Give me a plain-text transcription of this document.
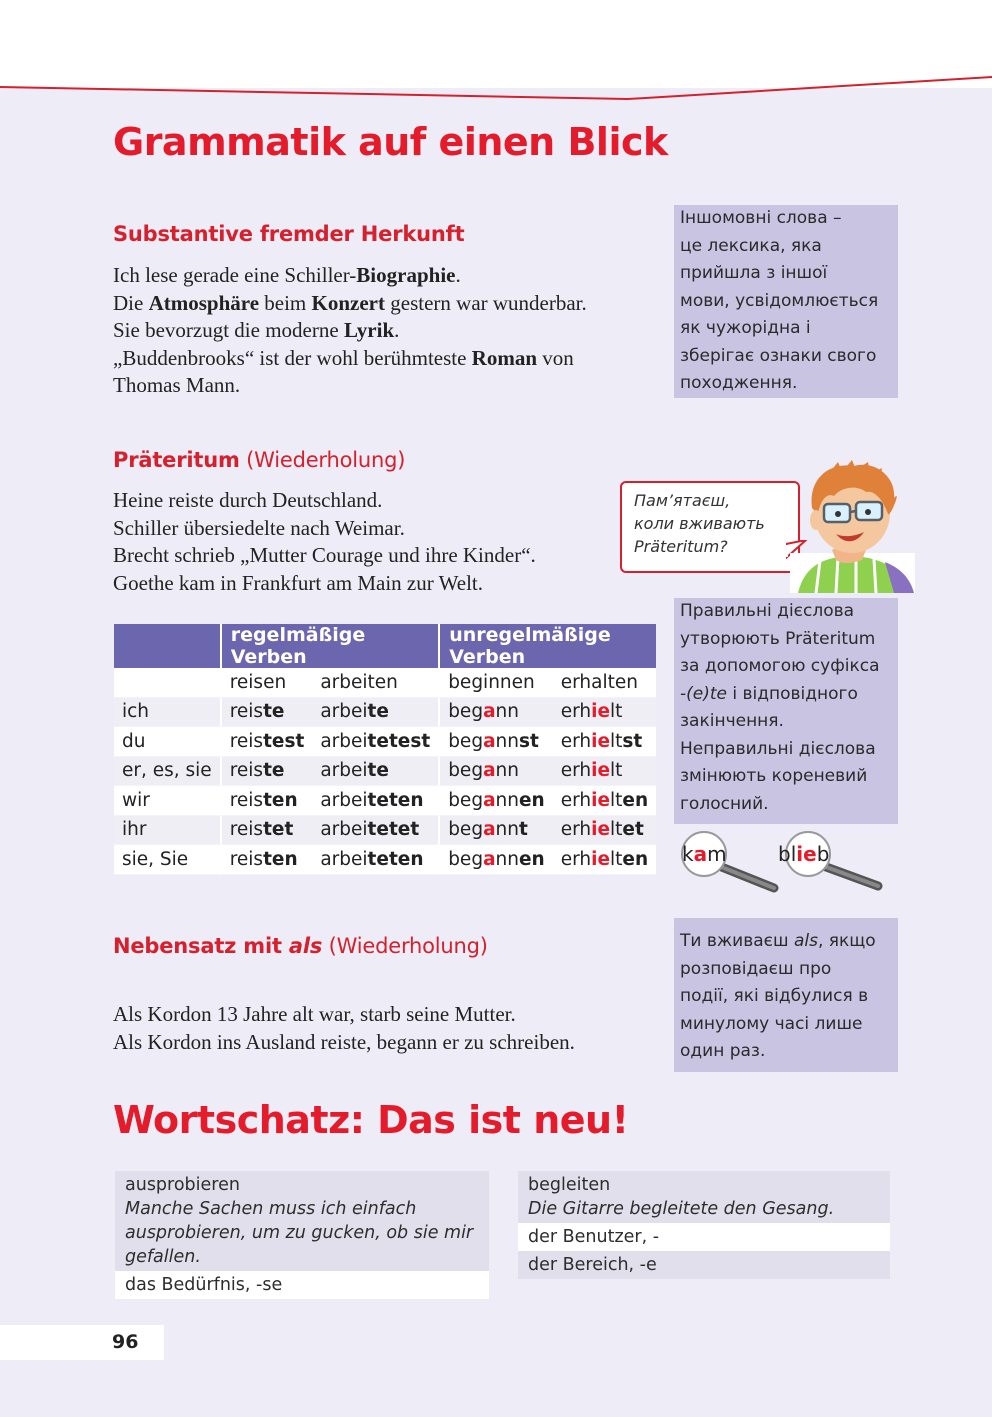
Grammatik auf einen Blick
Substantive fremder Herkunft
Ich lese gerade eine Schiller-Biographie.
Die Atmosphäre beim Konzert gestern war wunderbar.
Sie bevorzugt die moderne Lyrik.
„Buddenbrooks“ ist der wohl berühmteste Roman von
Thomas Mann.
Іншомовні слова –
це лексика, яка
прийшла з іншої
мови, усвідомлюється
як чужорідна і
зберігає ознаки свого
походження.
Präteritum (Wiederholung)
Heine reiste durch Deutschland.
Schiller übersiedelte nach Weimar.
Brecht schrieb „Mutter Courage und ihre Kinder“.
Goethe kam in Frankfurt am Main zur Welt.
Пам’ятаєш,
коли вживають
Präteritum?
	regelmäßige Verben		unregelmäßige Verben	
	reisen	arbeiten	beginnen	erhalten
ich	reiste	arbeite	begann	erhielt
du	reistest	arbeitetest	begannst	erhieltst
er, es, sie	reiste	arbeite	begann	erhielt
wir	reisten	arbeiteten	begannen	erhielten
ihr	reistet	arbeitetet	begannt	erhieltet
sie, Sie	reisten	arbeiteten	begannen	erhielten
Правильні дієслова
утворюють Präteritum
за допомогою суфікса
-(e)te і відповідного
закінчення.
Неправильні дієслова
змінюють кореневий
голосний.
kam	blieb
Nebensatz mit als (Wiederholung)
Als Kordon 13 Jahre alt war, starb seine Mutter.
Als Kordon ins Ausland reiste, begann er zu schreiben.
Ти вживаєш als, якщо
розповідаєш про
події, які відбулися в
минулому часі лише
один раз.
Wortschatz: Das ist neu!
ausprobieren
Manche Sachen muss ich einfach
ausprobieren, um zu gucken, ob sie mir
gefallen.
das Bedürfnis, -se
begleiten
Die Gitarre begleitete den Gesang.
der Benutzer, -
der Bereich, -e
96
